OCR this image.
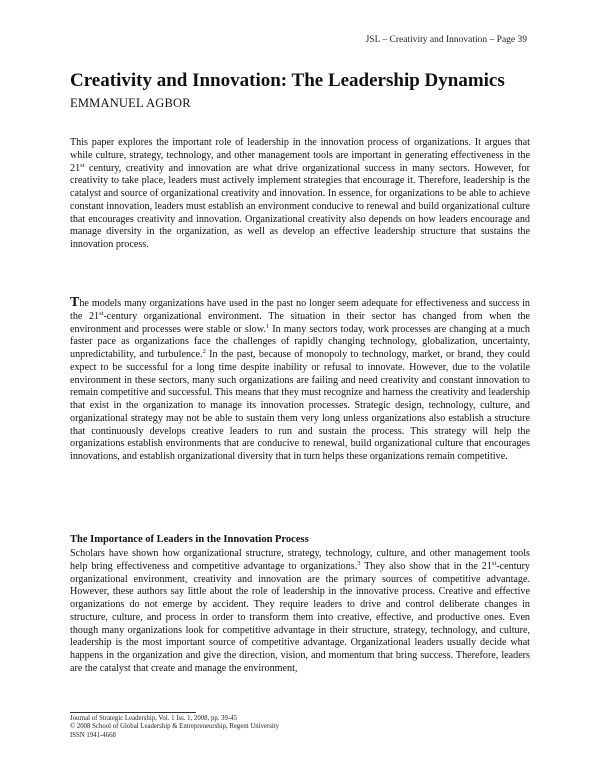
JSL – Creativity and Innovation – Page 39
Creativity and Innovation: The Leadership Dynamics
EMMANUEL AGBOR

This paper explores the important role of leadership in the innovation process of organizations. It argues that while culture, strategy, technology, and other management tools are important in generating effectiveness in the 21st century, creativity and innovation are what drive organizational success in many sectors. However, for creativity to take place, leaders must actively implement strategies that encourage it. Therefore, leadership is the catalyst and source of organizational creativity and innovation. In essence, for organizations to be able to achieve constant innovation, leaders must establish an environment conducive to renewal and build organizational culture that encourages creativity and innovation. Organizational creativity also depends on how leaders encourage and manage diversity in the organization, as well as develop an effective leadership structure that sustains the innovation process.

The models many organizations have used in the past no longer seem adequate for effectiveness and success in the 21st-century organizational environment. The situation in their sector has changed from when the environment and processes were stable or slow.$^1$ In many sectors today, work processes are changing at a much faster pace as organizations face the challenges of rapidly changing technology, globalization, uncertainty, unpredictability, and turbulence.$^2$ In the past, because of monopoly to technology, market, or brand, they could expect to be successful for a long time despite inability or refusal to innovate. However, due to the volatile environment in these sectors, many such organizations are failing and need creativity and constant innovation to remain competitive and successful. This means that they must recognize and harness the creativity and leadership that exist in the organization to manage its innovation processes. Strategic design, technology, culture, and organizational strategy may not be able to sustain them very long unless organizations also establish a structure that continuously develops creative leaders to run and sustain the process. This strategy will help the organizations establish environments that are conducive to renewal, build organizational culture that encourages innovations, and establish organizational diversity that in turn helps these organizations remain competitive.

The Importance of Leaders in the Innovation Process

Scholars have shown how organizational structure, strategy, technology, culture, and other management tools help bring effectiveness and competitive advantage to organizations.$^3$ They also show that in the 21st-century organizational environment, creativity and innovation are the primary sources of competitive advantage. However, these authors say little about the role of leadership in the innovative process. Creative and effective organizations do not emerge by accident. They require leaders to drive and control deliberate changes in structure, culture, and process in order to transform them into creative, effective, and productive ones. Even though many organizations look for competitive advantage in their structure, strategy, technology, and culture, leadership is the most important source of competitive advantage. Organizational leaders usually decide what happens in the organization and give the direction, vision, and momentum that bring success. Therefore, leaders are the catalyst that create and manage the environment,

Journal of Strategic Leadership, Vol. 1 Iss. 1, 2008, pp. 39-45
© 2008 School of Global Leadership & Entrepreneurship, Regent University
ISSN 1941-4668
